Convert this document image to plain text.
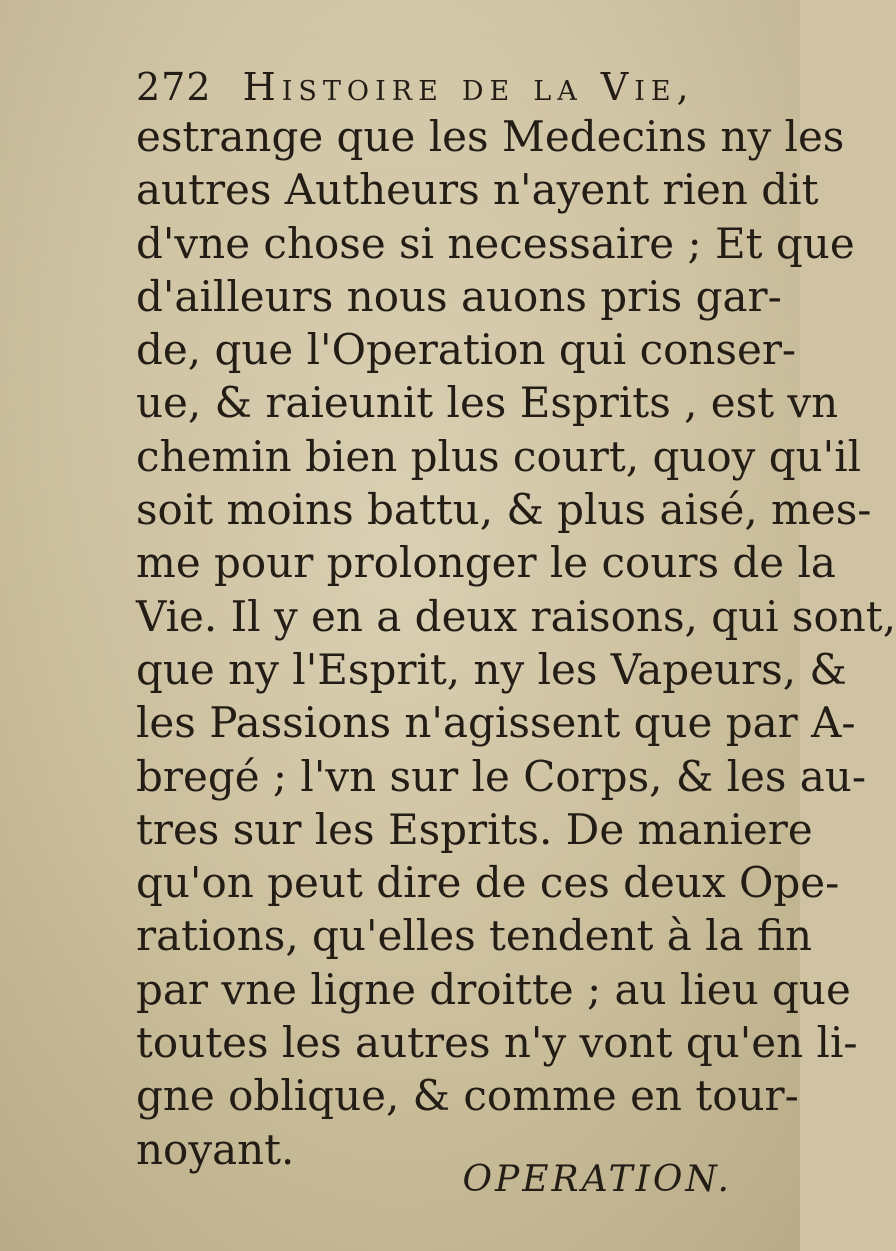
272 Histoire de la Vie,
estrange que les Medecins ny les
autres Autheurs n'ayent rien dit
d'vne chose si necessaire ; Et que
d'ailleurs nous auons pris gar-
de, que l'Operation qui conser-
ue, & raieunit les Esprits , est vn
chemin bien plus court, quoy qu'il
soit moins battu, & plus aisé, mes-
me pour prolonger le cours de la
Vie. Il y en a deux raisons, qui sont,
que ny l'Esprit, ny les Vapeurs, &
les Passions n'agissent que par A-
bregé ; l'vn sur le Corps, & les au-
tres sur les Esprits. De maniere
qu'on peut dire de ces deux Ope-
rations, qu'elles tendent à la fin
par vne ligne droitte ; au lieu que
toutes les autres n'y vont qu'en li-
gne oblique, & comme en tour-
noyant.
OPERATION.
